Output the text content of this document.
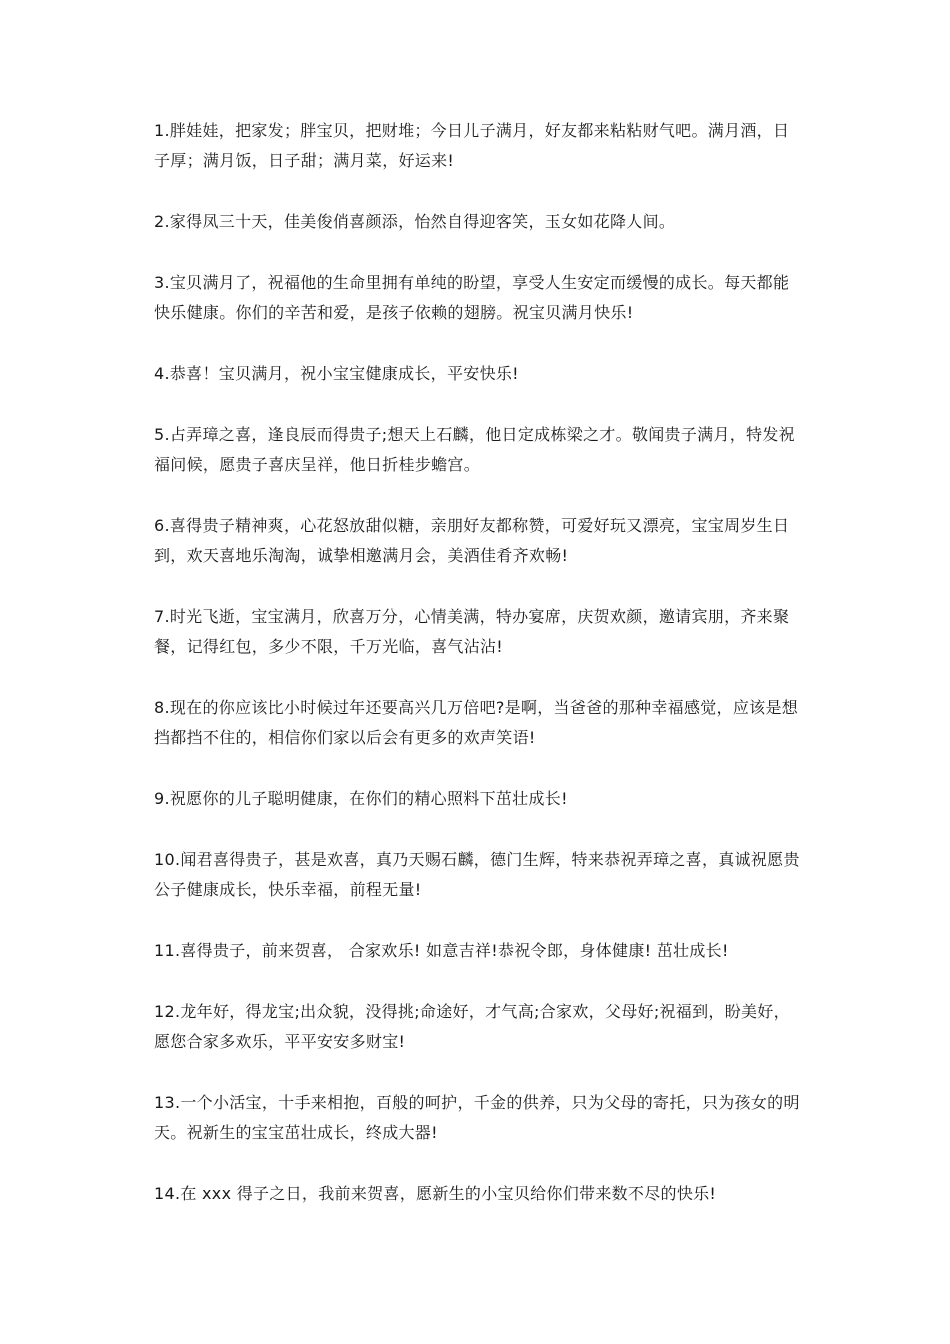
1.胖娃娃，把家发；胖宝贝，把财堆；今日儿子满月，好友都来粘粘财气吧。满月酒，日子厚；满月饭，日子甜；满月菜，好运来!

2.家得凤三十天，佳美俊俏喜颜添，怡然自得迎客笑，玉女如花降人间。

3.宝贝满月了，祝福他的生命里拥有单纯的盼望，享受人生安定而缓慢的成长。每天都能快乐健康。你们的辛苦和爱，是孩子依赖的翅膀。祝宝贝满月快乐!

4.恭喜！宝贝满月，祝小宝宝健康成长，平安快乐!

5.占弄璋之喜，逢良辰而得贵子;想天上石麟，他日定成栋梁之才。敬闻贵子满月，特发祝福问候，愿贵子喜庆呈祥，他日折桂步蟾宫。

6.喜得贵子精神爽，心花怒放甜似糖，亲朋好友都称赞，可爱好玩又漂亮，宝宝周岁生日到，欢天喜地乐淘淘，诚挚相邀满月会，美酒佳肴齐欢畅!

7.时光飞逝，宝宝满月，欣喜万分，心情美满，特办宴席，庆贺欢颜，邀请宾朋，齐来聚餐，记得红包，多少不限，千万光临，喜气沾沾!

8.现在的你应该比小时候过年还要高兴几万倍吧?是啊，当爸爸的那种幸福感觉，应该是想挡都挡不住的，相信你们家以后会有更多的欢声笑语!

9.祝愿你的儿子聪明健康，在你们的精心照料下茁壮成长!

10.闻君喜得贵子，甚是欢喜，真乃天赐石麟，德门生辉，特来恭祝弄璋之喜，真诚祝愿贵公子健康成长，快乐幸福，前程无量!

11.喜得贵子，前来贺喜， 合家欢乐! 如意吉祥!恭祝令郎，身体健康! 茁壮成长!

12.龙年好，得龙宝;出众貌，没得挑;命途好，才气高;合家欢，父母好;祝福到，盼美好，愿您合家多欢乐，平平安安多财宝!

13.一个小活宝，十手来相抱，百般的呵护，千金的供养，只为父母的寄托，只为孩女的明天。祝新生的宝宝茁壮成长，终成大器!

14.在 xxx 得子之日，我前来贺喜，愿新生的小宝贝给你们带来数不尽的快乐!
